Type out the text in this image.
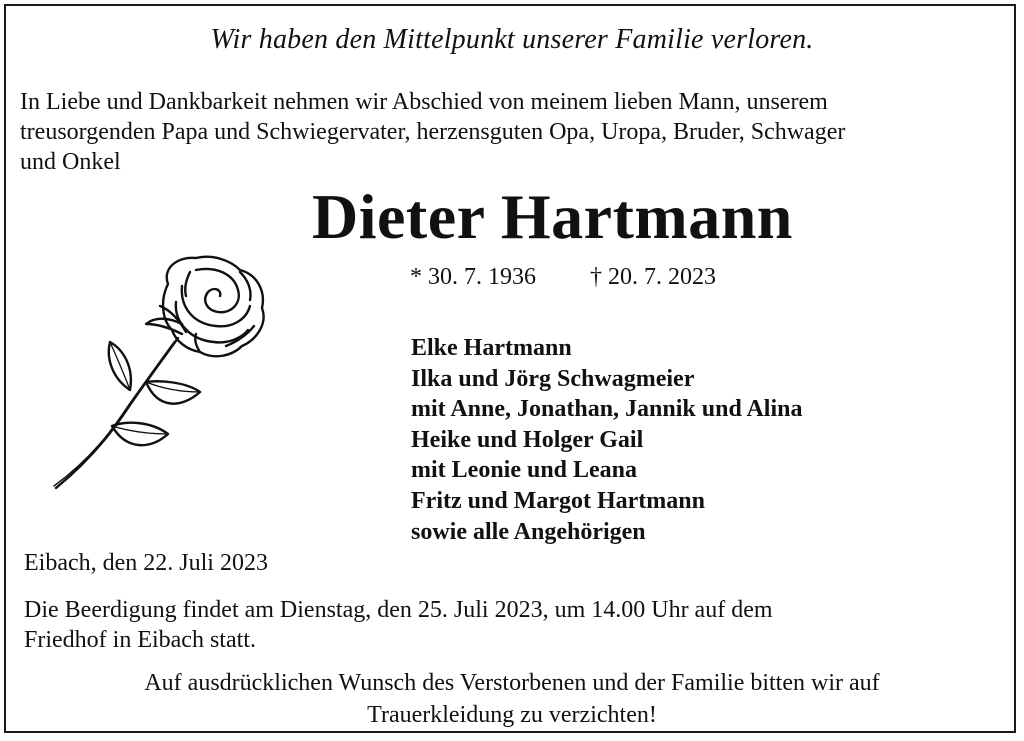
Wir haben den Mittelpunkt unserer Familie verloren.
In Liebe und Dankbarkeit nehmen wir Abschied von meinem lieben Mann, unserem
treusorgenden Papa und Schwiegervater, herzensguten Opa, Uropa, Bruder, Schwager
und Onkel
Dieter Hartmann
* 30. 7. 1936 † 20. 7. 2023
Elke Hartmann
Ilka und Jörg Schwagmeier
mit Anne, Jonathan, Jannik und Alina
Heike und Holger Gail
mit Leonie und Leana
Fritz und Margot Hartmann
sowie alle Angehörigen
Eibach, den 22. Juli 2023
Die Beerdigung findet am Dienstag, den 25. Juli 2023, um 14.00 Uhr auf dem
Friedhof in Eibach statt.
Auf ausdrücklichen Wunsch des Verstorbenen und der Familie bitten wir auf
Trauerkleidung zu verzichten!
